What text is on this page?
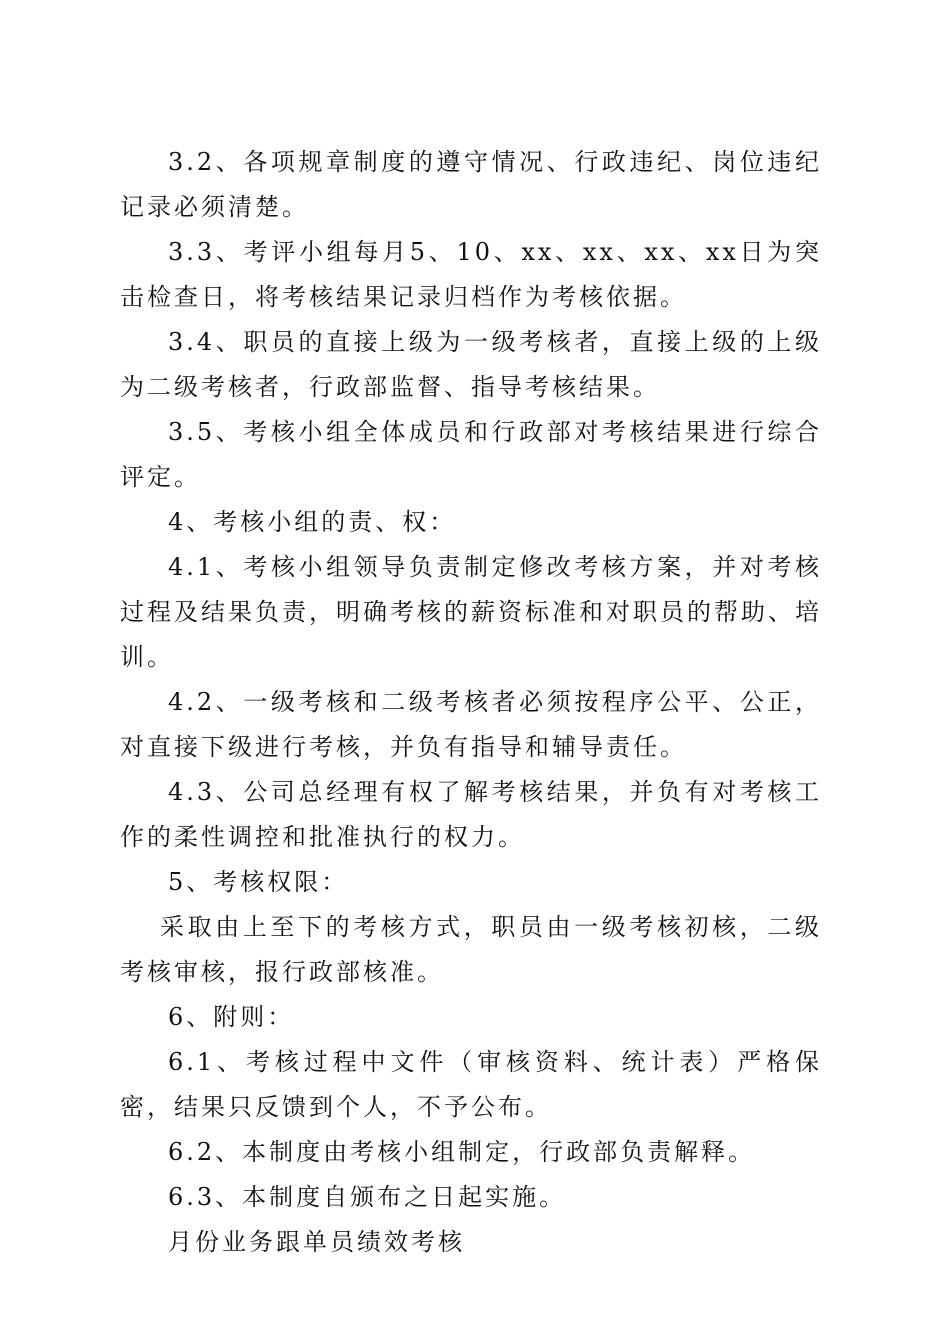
3.2、各项规章制度的遵守情况、行政违纪、岗位违纪记录必须清楚。

3.3、考评小组每月5、10、xx、xx、xx、xx日为突击检查日，将考核结果记录归档作为考核依据。

3.4、职员的直接上级为一级考核者，直接上级的上级为二级考核者，行政部监督、指导考核结果。

3.5、考核小组全体成员和行政部对考核结果进行综合评定。

4、考核小组的责、权：

4.1、考核小组领导负责制定修改考核方案，并对考核过程及结果负责，明确考核的薪资标准和对职员的帮助、培训。

4.2、一级考核和二级考核者必须按程序公平、公正，对直接下级进行考核，并负有指导和辅导责任。

4.3、公司总经理有权了解考核结果，并负有对考核工作的柔性调控和批准执行的权力。

5、考核权限：

采取由上至下的考核方式，职员由一级考核初核，二级考核审核，报行政部核准。

6、附则：

6.1、考核过程中文件（审核资料、统计表）严格保密，结果只反馈到个人，不予公布。

6.2、本制度由考核小组制定，行政部负责解释。

6.3、本制度自颁布之日起实施。

月份业务跟单员绩效考核
